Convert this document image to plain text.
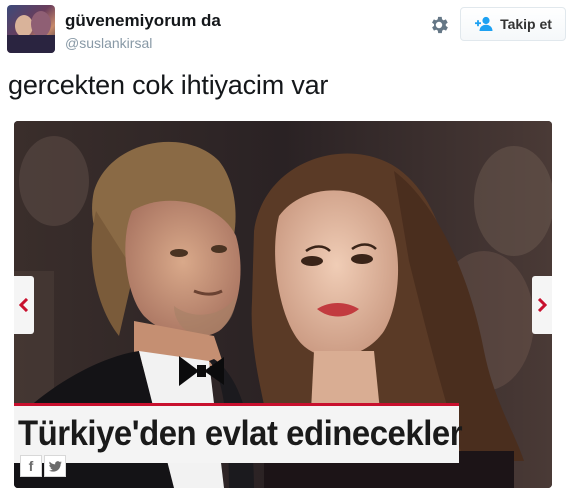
güvenemiyorum da
@suslankirsal
Takip et
gercekten cok ihtiyacim var
Türkiye'den evlat edinecekler
f
